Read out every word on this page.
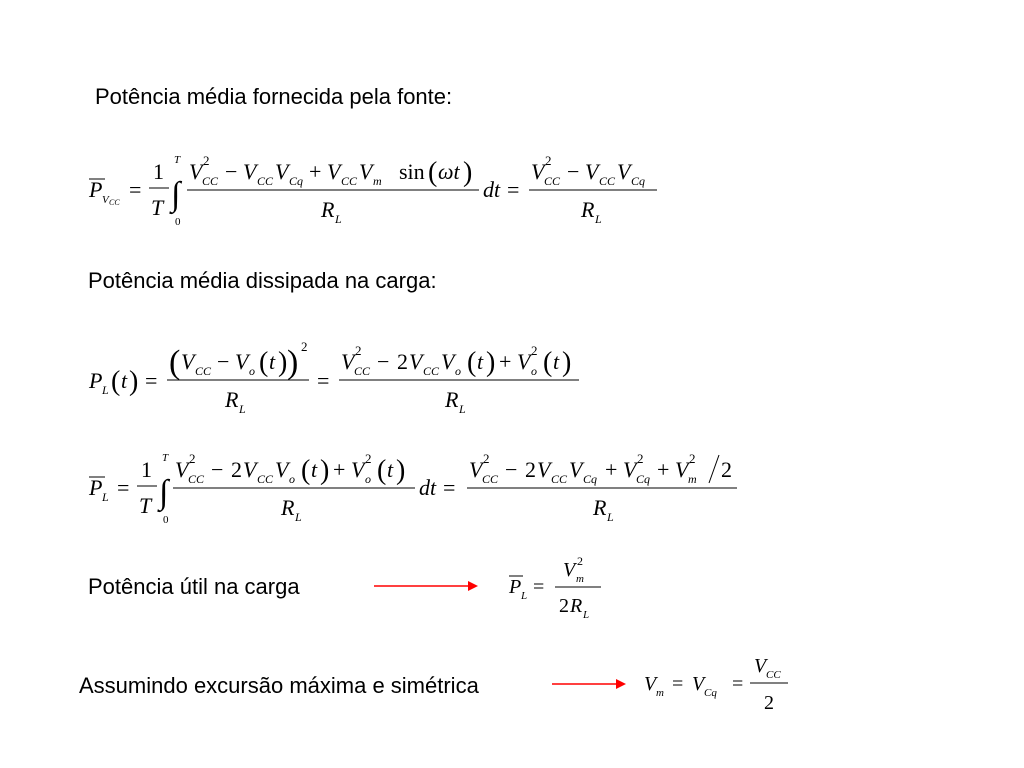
Potência média fornecida pela fonte:
P V CC
=
1
T ∫
T
0
V 2
CC − V CC V Cq + V CC V m sin ( ωt )
R L
dt =
V 2
CC − V CC V Cq
R L
Potência média dissipada na carga:
P L ( t ) = ( V CC − V o ( t ) ) 2
R L
=
V 2
CC − 2 V CC V o ( t ) + V 2
o ( t )
R L
P L =
1
T ∫
T
0
V 2
CC − 2 V CC V o ( t ) + V 2
o ( t )
R L
dt =
V 2
CC − 2 V CC V Cq + V 2
Cq + V 2
m 2
R L
Potência útil na carga	P L =
V 2
m
2 R L
Assumindo excursão máxima e simétrica	V m = V Cq =
V CC
2
